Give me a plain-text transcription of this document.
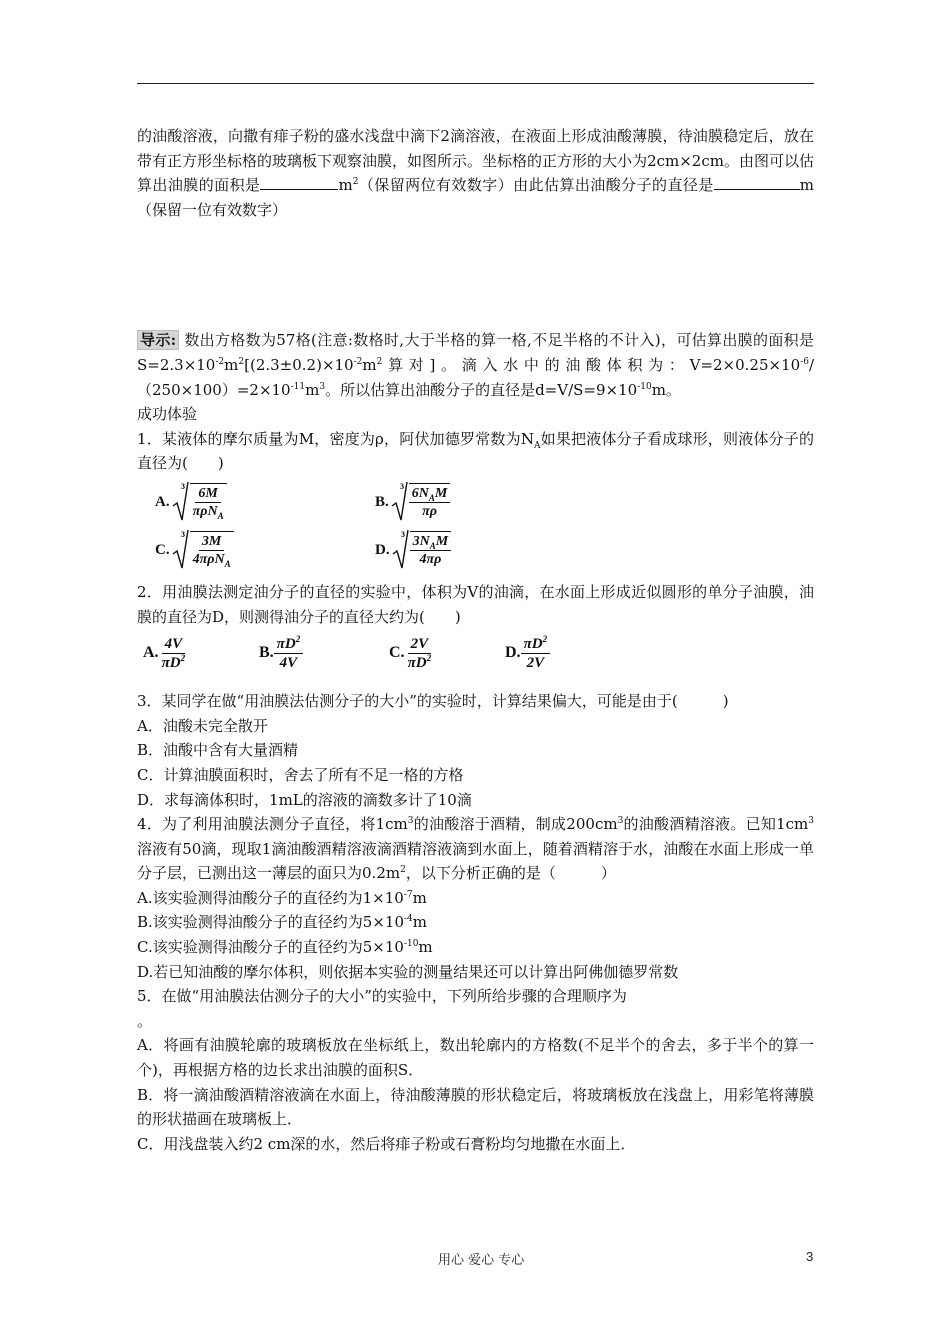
的油酸溶液，向撒有痱子粉的盛水浅盘中滴下2滴溶液，在液面上形成油酸薄膜，待油膜稳定后，放在带有正方形坐标格的玻璃板下观察油膜，如图所示。坐标格的正方形的大小为2cm×2cm。由图可以估算出油膜的面积是	$m^2$（保留两位有效数字）由此估算出油酸分子的直径是	m（保留一位有效数字）

导示: 数出方格数为57格(注意:数格时,大于半格的算一格,不足半格的不计入)，可估算出膜的面积是$S=2.3\times 10^{-2}m^2[(2.3\pm 0.2)\times 10^{-2}m^2$算对]。滴入水中的油酸体积为：$V=2\times 0.25\times 10^{-6}/(250\times 100)=2\times 10^{-11}m^3$。所以估算出油酸分子的直径是$d=V/S=9\times 10^{-10}m$。

成功体验

1．某液体的摩尔质量为M，密度为ρ，阿伏加德罗常数为$N_A$如果把液体分子看成球形，则液体分子的直径为(　　)

A.
$3 \frac{6M}{\pi\rho N_A}$	B.
$3 \frac{6N_AM}{\pi\rho}$
C.
$3 \frac{3M}{4\pi\rho N_A}$	D.
$3 \frac{3N_AM}{4\pi\rho}$

2．用油膜法测定油分子的直径的实验中，体积为V的油滴，在水面上形成近似圆形的单分子油膜，油膜的直径为D，则测得油分子的直径大约为(　　)

A. $\frac{4V}{\pi D^2}$	B. $\frac{\pi D^2}{4V}$	C. $\frac{2V}{\pi D^2}$	D. $\frac{\pi D^2}{2V}$

3．某同学在做“用油膜法估测分子的大小”的实验时，计算结果偏大，可能是由于(　　　)

A．油酸未完全散开

B．油酸中含有大量酒精

C．计算油膜面积时，舍去了所有不足一格的方格

D．求每滴体积时，1mL的溶液的滴数多计了10滴

4．为了利用油膜法测分子直径，将$1cm^3$的油酸溶于酒精，制成$200cm^3$的油酸酒精溶液。已知$1cm^3$溶液有50滴，现取1滴油酸酒精溶液滴酒精溶液滴到水面上，随着酒精溶于水，油酸在水面上形成一单分子层，已测出这一薄层的面只为$0.2m^2$，以下分析正确的是（　　　）

A.该实验测得油酸分子的直径约为$1\times 10^{-7}m$

B.该实验测得油酸分子的直径约为$5\times 10^{-4}m$

C.该实验测得油酸分子的直径约为$5\times 10^{-10}m$

D.若已知油酸的摩尔体积，则依据本实验的测量结果还可以计算出阿佛伽德罗常数

5．在做“用油膜法估测分子的大小”的实验中，下列所给步骤的合理顺序为
。

A．将画有油膜轮廓的玻璃板放在坐标纸上，数出轮廓内的方格数(不足半个的舍去，多于半个的算一个)，再根据方格的边长求出油膜的面积S．

B．将一滴油酸酒精溶液滴在水面上，待油酸薄膜的形状稳定后，将玻璃板放在浅盘上，用彩笔将薄膜的形状描画在玻璃板上．

C．用浅盘装入约2 cm深的水，然后将痱子粉或石膏粉均匀地撒在水面上．

用心 爱心 专心	3
